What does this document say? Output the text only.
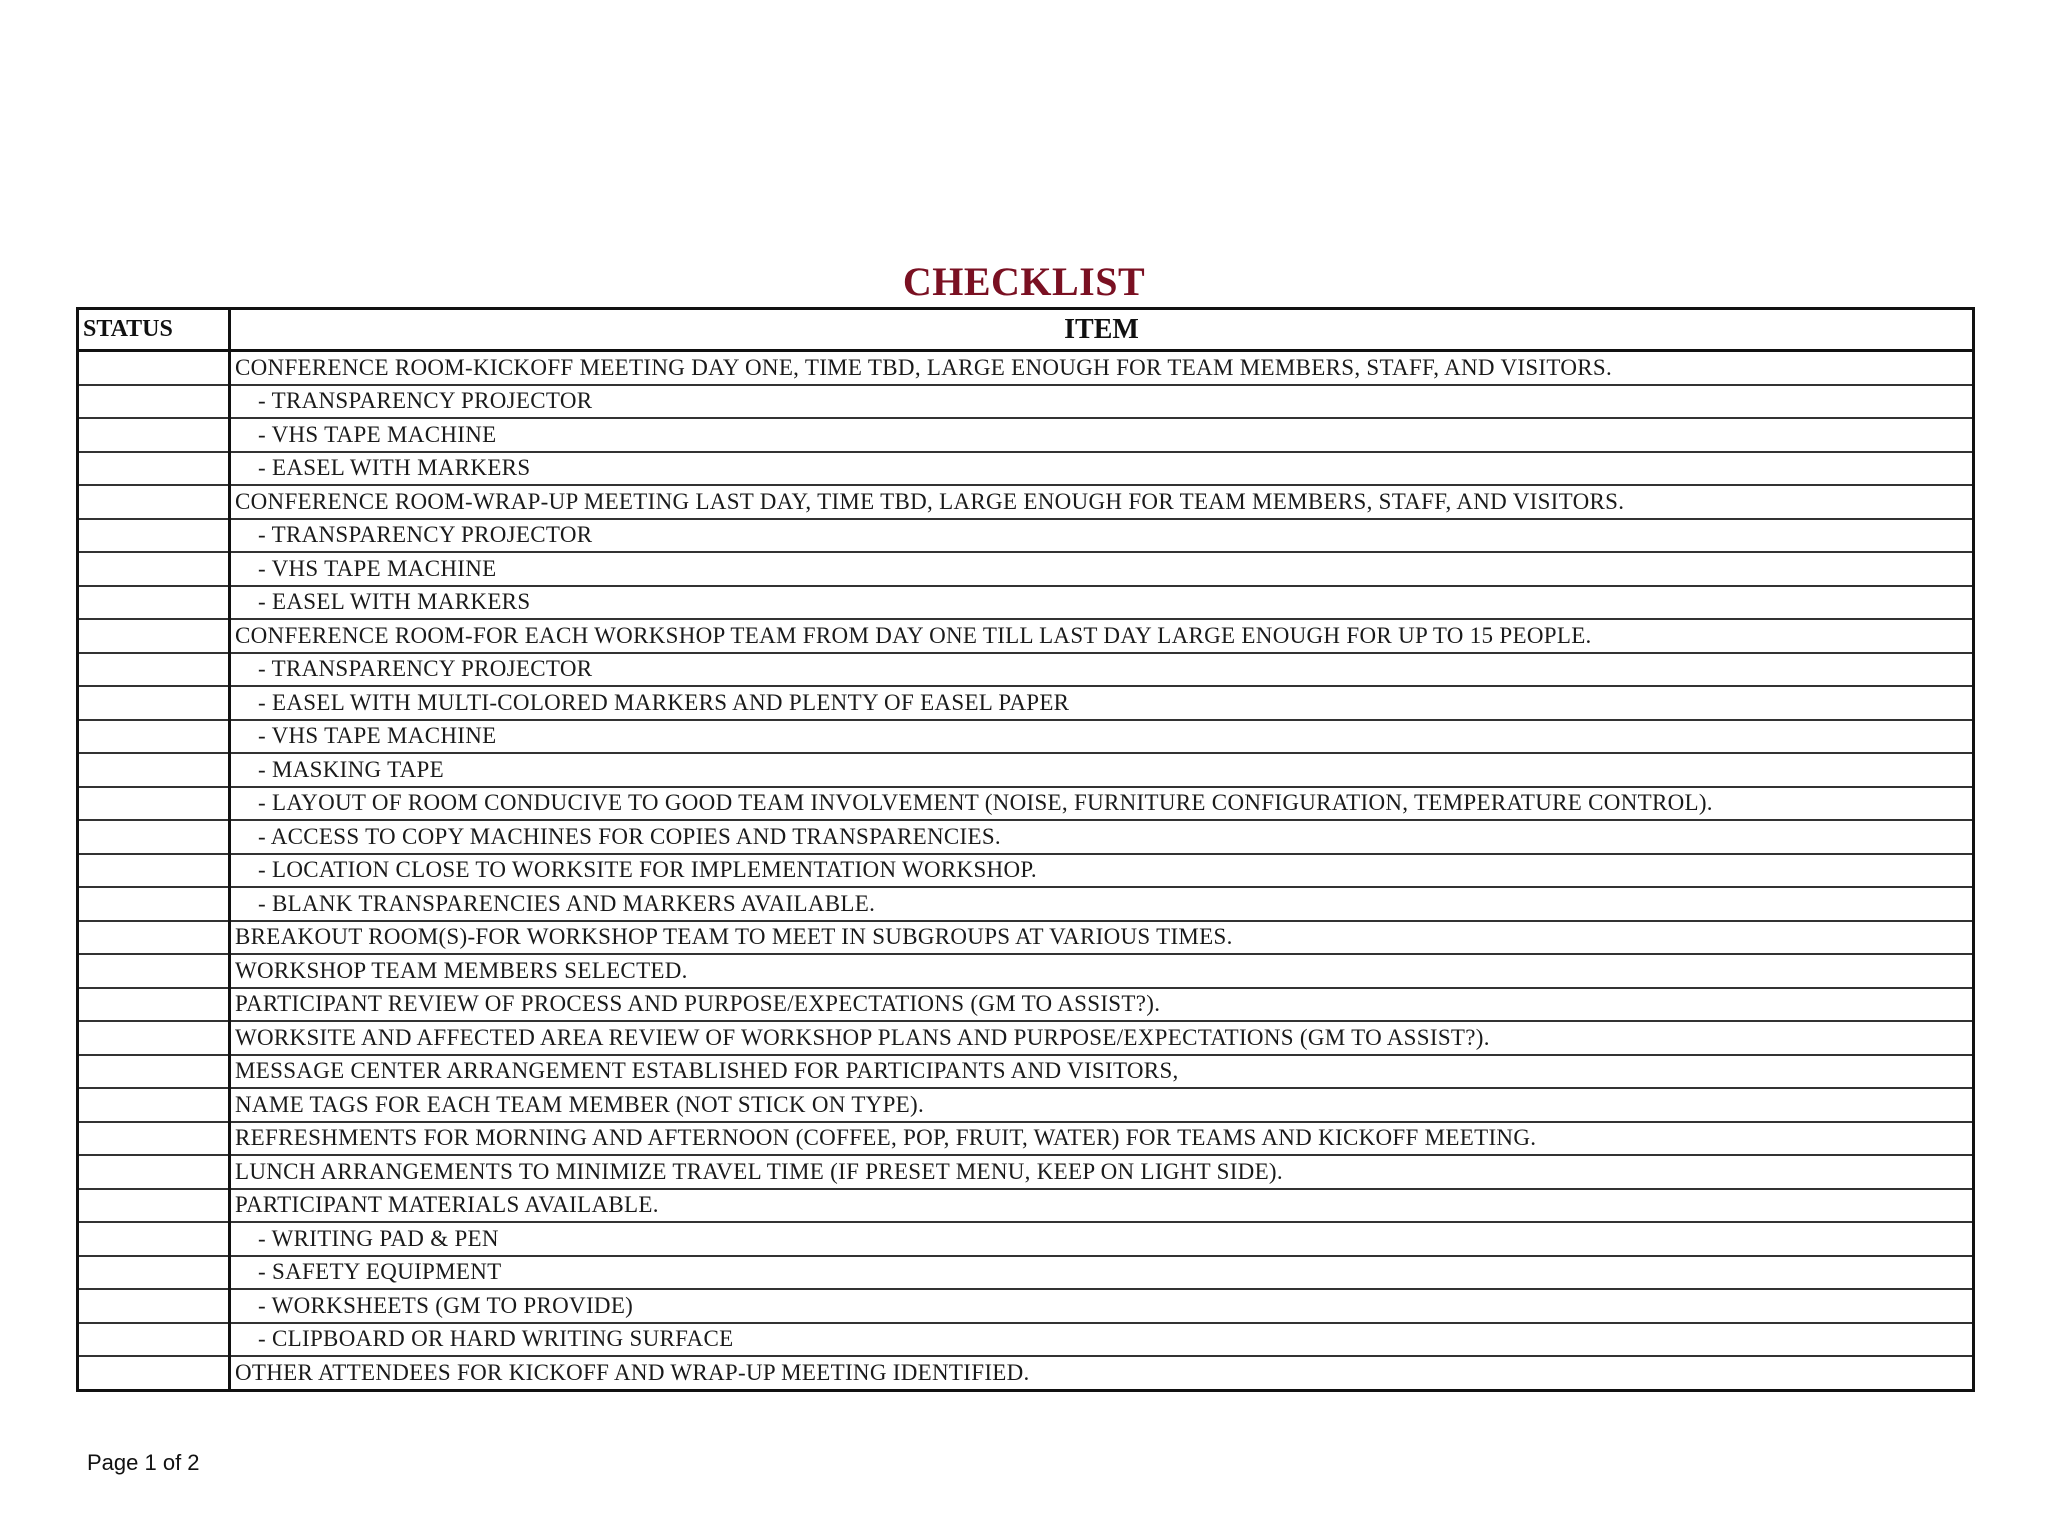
CHECKLIST
STATUS	ITEM
	CONFERENCE ROOM-KICKOFF MEETING DAY ONE, TIME TBD, LARGE ENOUGH FOR TEAM MEMBERS, STAFF, AND VISITORS.
	- TRANSPARENCY PROJECTOR
	- VHS TAPE MACHINE
	- EASEL WITH MARKERS
	CONFERENCE ROOM-WRAP-UP MEETING LAST DAY, TIME TBD, LARGE ENOUGH FOR TEAM MEMBERS, STAFF, AND VISITORS.
	- TRANSPARENCY PROJECTOR
	- VHS TAPE MACHINE
	- EASEL WITH MARKERS
	CONFERENCE ROOM-FOR EACH WORKSHOP TEAM FROM DAY ONE TILL LAST DAY LARGE ENOUGH FOR UP TO 15 PEOPLE.
	- TRANSPARENCY PROJECTOR
	- EASEL WITH MULTI-COLORED MARKERS AND PLENTY OF EASEL PAPER
	- VHS TAPE MACHINE
	- MASKING TAPE
	- LAYOUT OF ROOM CONDUCIVE TO GOOD TEAM INVOLVEMENT (NOISE, FURNITURE CONFIGURATION, TEMPERATURE CONTROL).
	- ACCESS TO COPY MACHINES FOR COPIES AND TRANSPARENCIES.
	- LOCATION CLOSE TO WORKSITE FOR IMPLEMENTATION WORKSHOP.
	- BLANK TRANSPARENCIES AND MARKERS AVAILABLE.
	BREAKOUT ROOM(S)-FOR WORKSHOP TEAM TO MEET IN SUBGROUPS AT VARIOUS TIMES.
	WORKSHOP TEAM MEMBERS SELECTED.
	PARTICIPANT REVIEW OF PROCESS AND PURPOSE/EXPECTATIONS (GM TO ASSIST?).
	WORKSITE AND AFFECTED AREA REVIEW OF WORKSHOP PLANS AND PURPOSE/EXPECTATIONS (GM TO ASSIST?).
	MESSAGE CENTER ARRANGEMENT ESTABLISHED FOR PARTICIPANTS AND VISITORS,
	NAME TAGS FOR EACH TEAM MEMBER (NOT STICK ON TYPE).
	REFRESHMENTS FOR MORNING AND AFTERNOON (COFFEE, POP, FRUIT, WATER) FOR TEAMS AND KICKOFF MEETING.
	LUNCH ARRANGEMENTS TO MINIMIZE TRAVEL TIME (IF PRESET MENU, KEEP ON LIGHT SIDE).
	PARTICIPANT MATERIALS AVAILABLE.
	- WRITING PAD & PEN
	- SAFETY EQUIPMENT
	- WORKSHEETS (GM TO PROVIDE)
	- CLIPBOARD OR HARD WRITING SURFACE
	OTHER ATTENDEES FOR KICKOFF AND WRAP-UP MEETING IDENTIFIED.
Page 1 of 2
